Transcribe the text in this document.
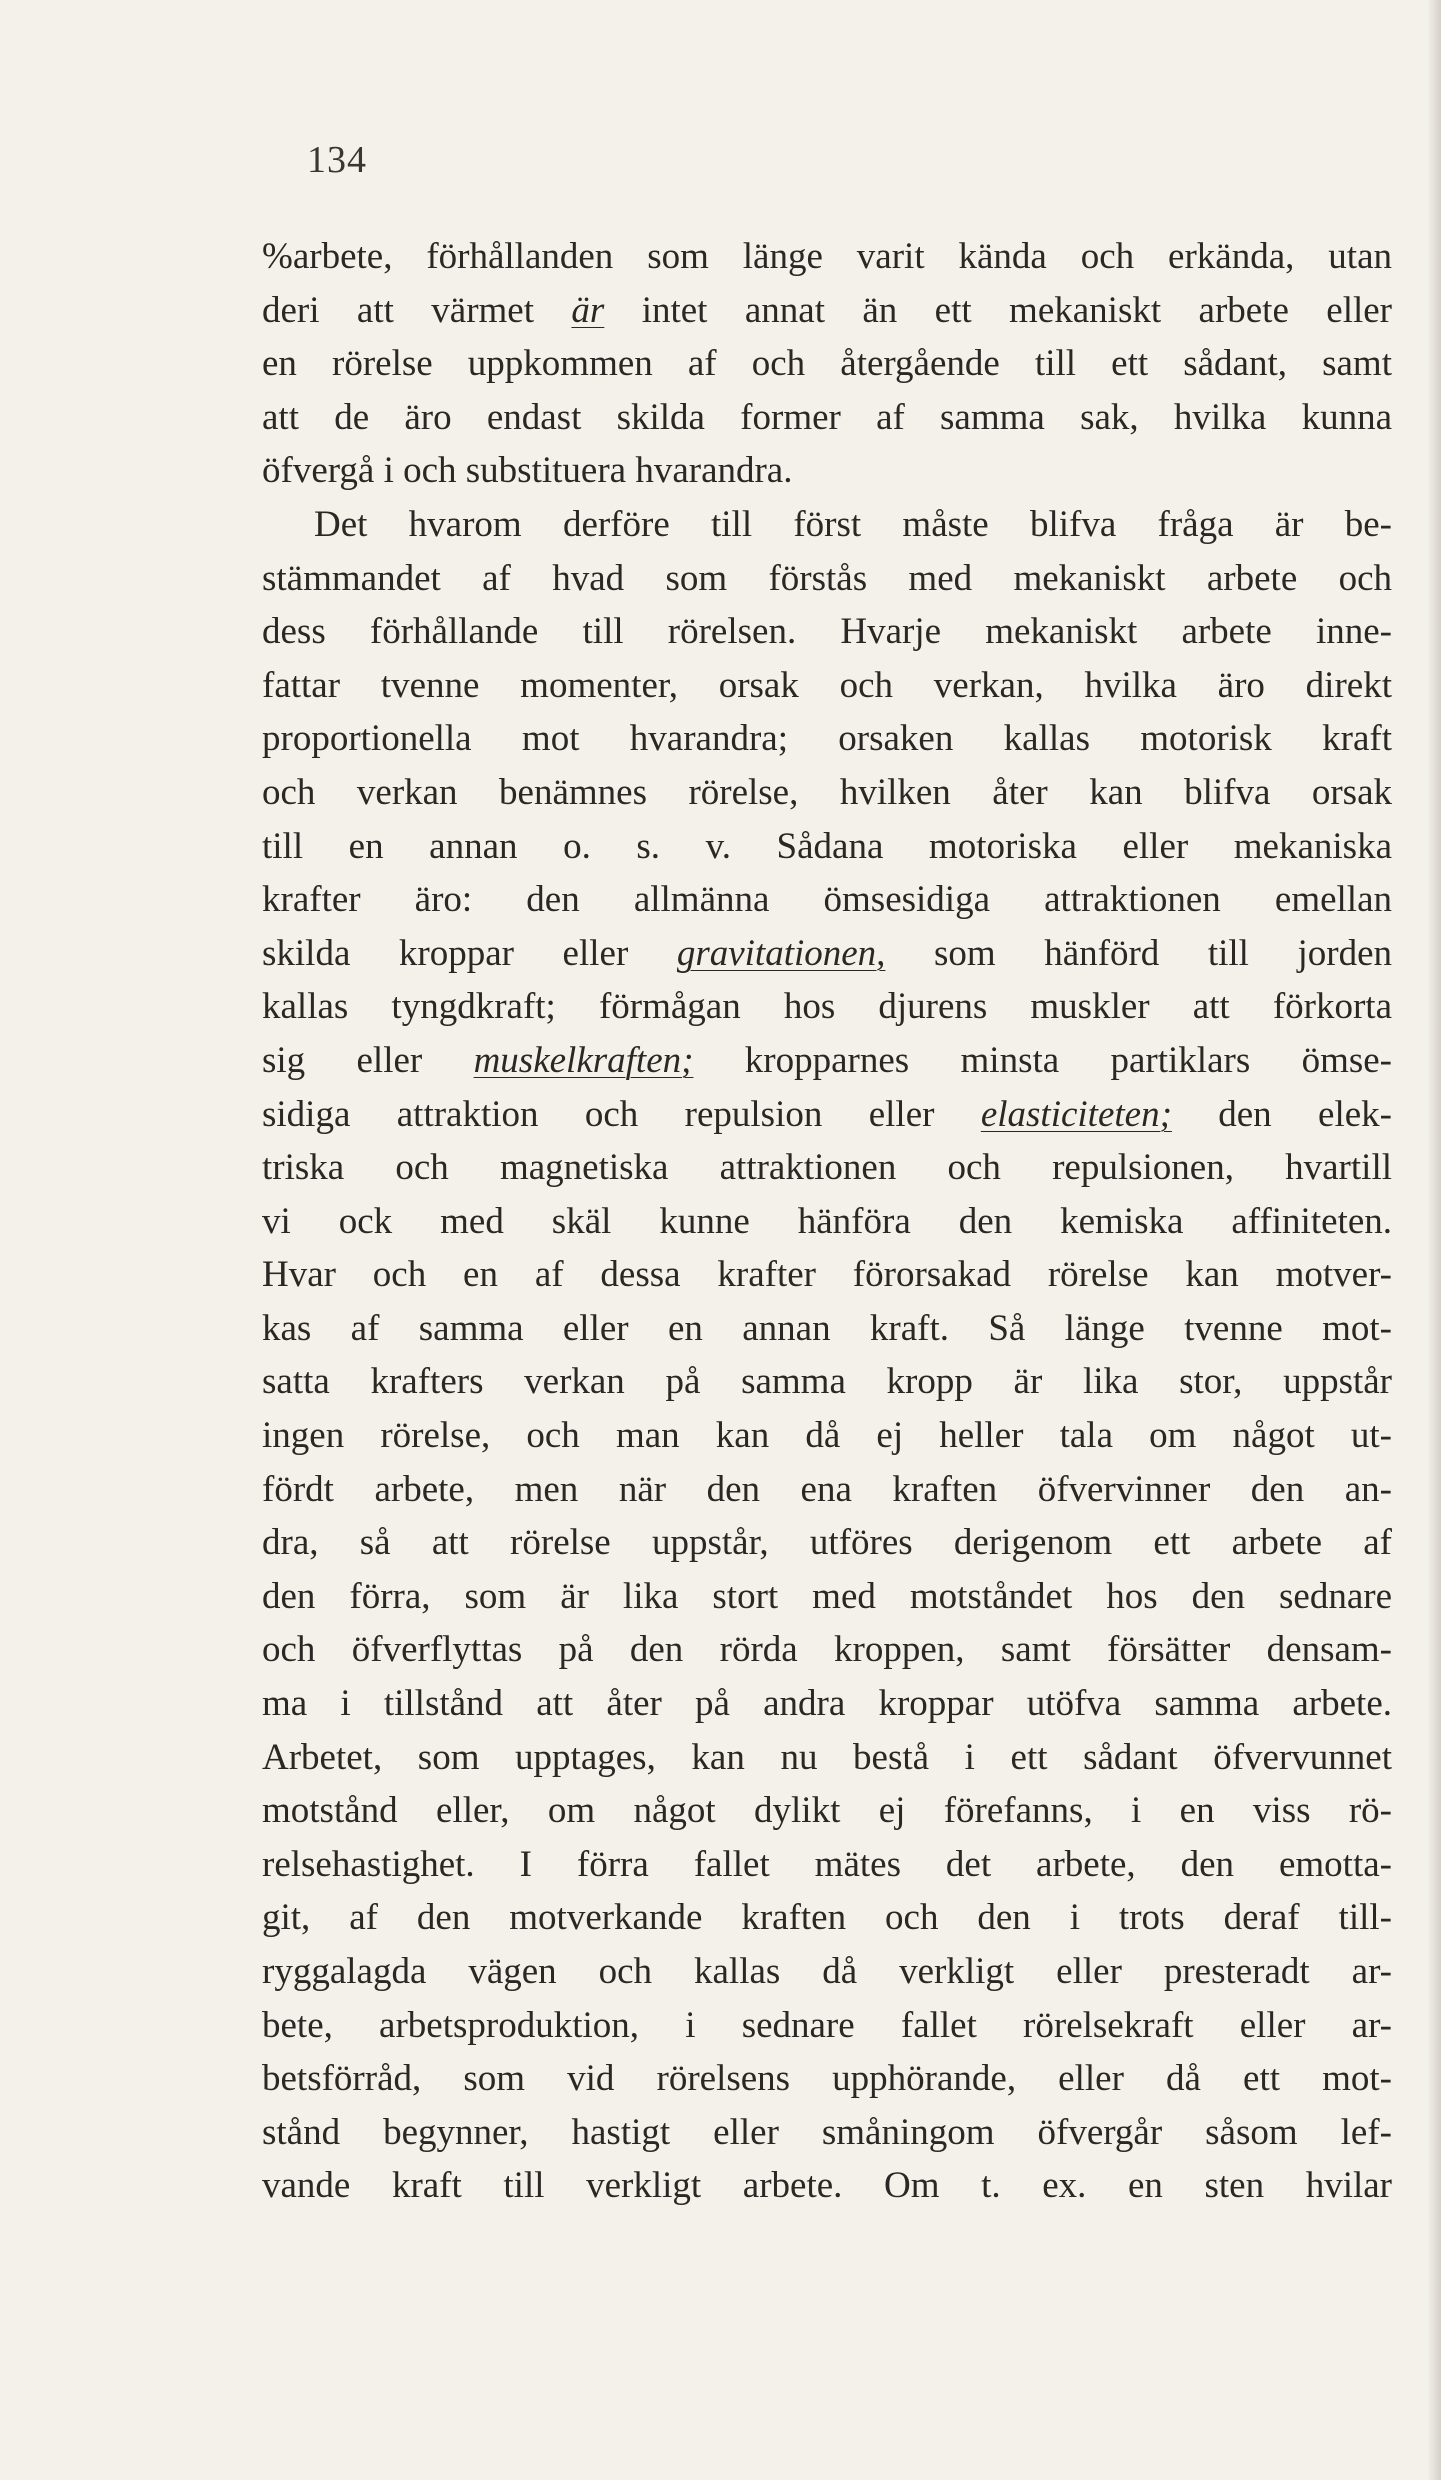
134
%arbete, förhållanden som länge varit kända och erkända, utan
deri att värmet är intet annat än ett mekaniskt arbete eller
en rörelse uppkommen af och återgående till ett sådant, samt
att de äro endast skilda former af samma sak, hvilka kunna
öfvergå i och substituera hvarandra.
Det hvarom derföre till först måste blifva fråga är be-
stämmandet af hvad som förstås med mekaniskt arbete och
dess förhållande till rörelsen. Hvarje mekaniskt arbete inne-
fattar tvenne momenter, orsak och verkan, hvilka äro direkt
proportionella mot hvarandra; orsaken kallas motorisk kraft
och verkan benämnes rörelse, hvilken åter kan blifva orsak
till en annan o. s. v. Sådana motoriska eller mekaniska
krafter äro: den allmänna ömsesidiga attraktionen emellan
skilda kroppar eller gravitationen, som hänförd till jorden
kallas tyngdkraft; förmågan hos djurens muskler att förkorta
sig eller muskelkraften; kropparnes minsta partiklars ömse-
sidiga attraktion och repulsion eller elasticiteten; den elek-
triska och magnetiska attraktionen och repulsionen, hvartill
vi ock med skäl kunne hänföra den kemiska affiniteten.
Hvar och en af dessa krafter förorsakad rörelse kan motver-
kas af samma eller en annan kraft. Så länge tvenne mot-
satta krafters verkan på samma kropp är lika stor, uppstår
ingen rörelse, och man kan då ej heller tala om något ut-
fördt arbete, men när den ena kraften öfvervinner den an-
dra, så att rörelse uppstår, utföres derigenom ett arbete af
den förra, som är lika stort med motståndet hos den sednare
och öfverflyttas på den rörda kroppen, samt försätter densam-
ma i tillstånd att åter på andra kroppar utöfva samma arbete.
Arbetet, som upptages, kan nu bestå i ett sådant öfvervunnet
motstånd eller, om något dylikt ej förefanns, i en viss rö-
relsehastighet. I förra fallet mätes det arbete, den emotta-
git, af den motverkande kraften och den i trots deraf till-
ryggalagda vägen och kallas då verkligt eller presteradt ar-
bete, arbetsproduktion, i sednare fallet rörelsekraft eller ar-
betsförråd, som vid rörelsens upphörande, eller då ett mot-
stånd begynner, hastigt eller småningom öfvergår såsom lef-
vande kraft till verkligt arbete. Om t. ex. en sten hvilar
